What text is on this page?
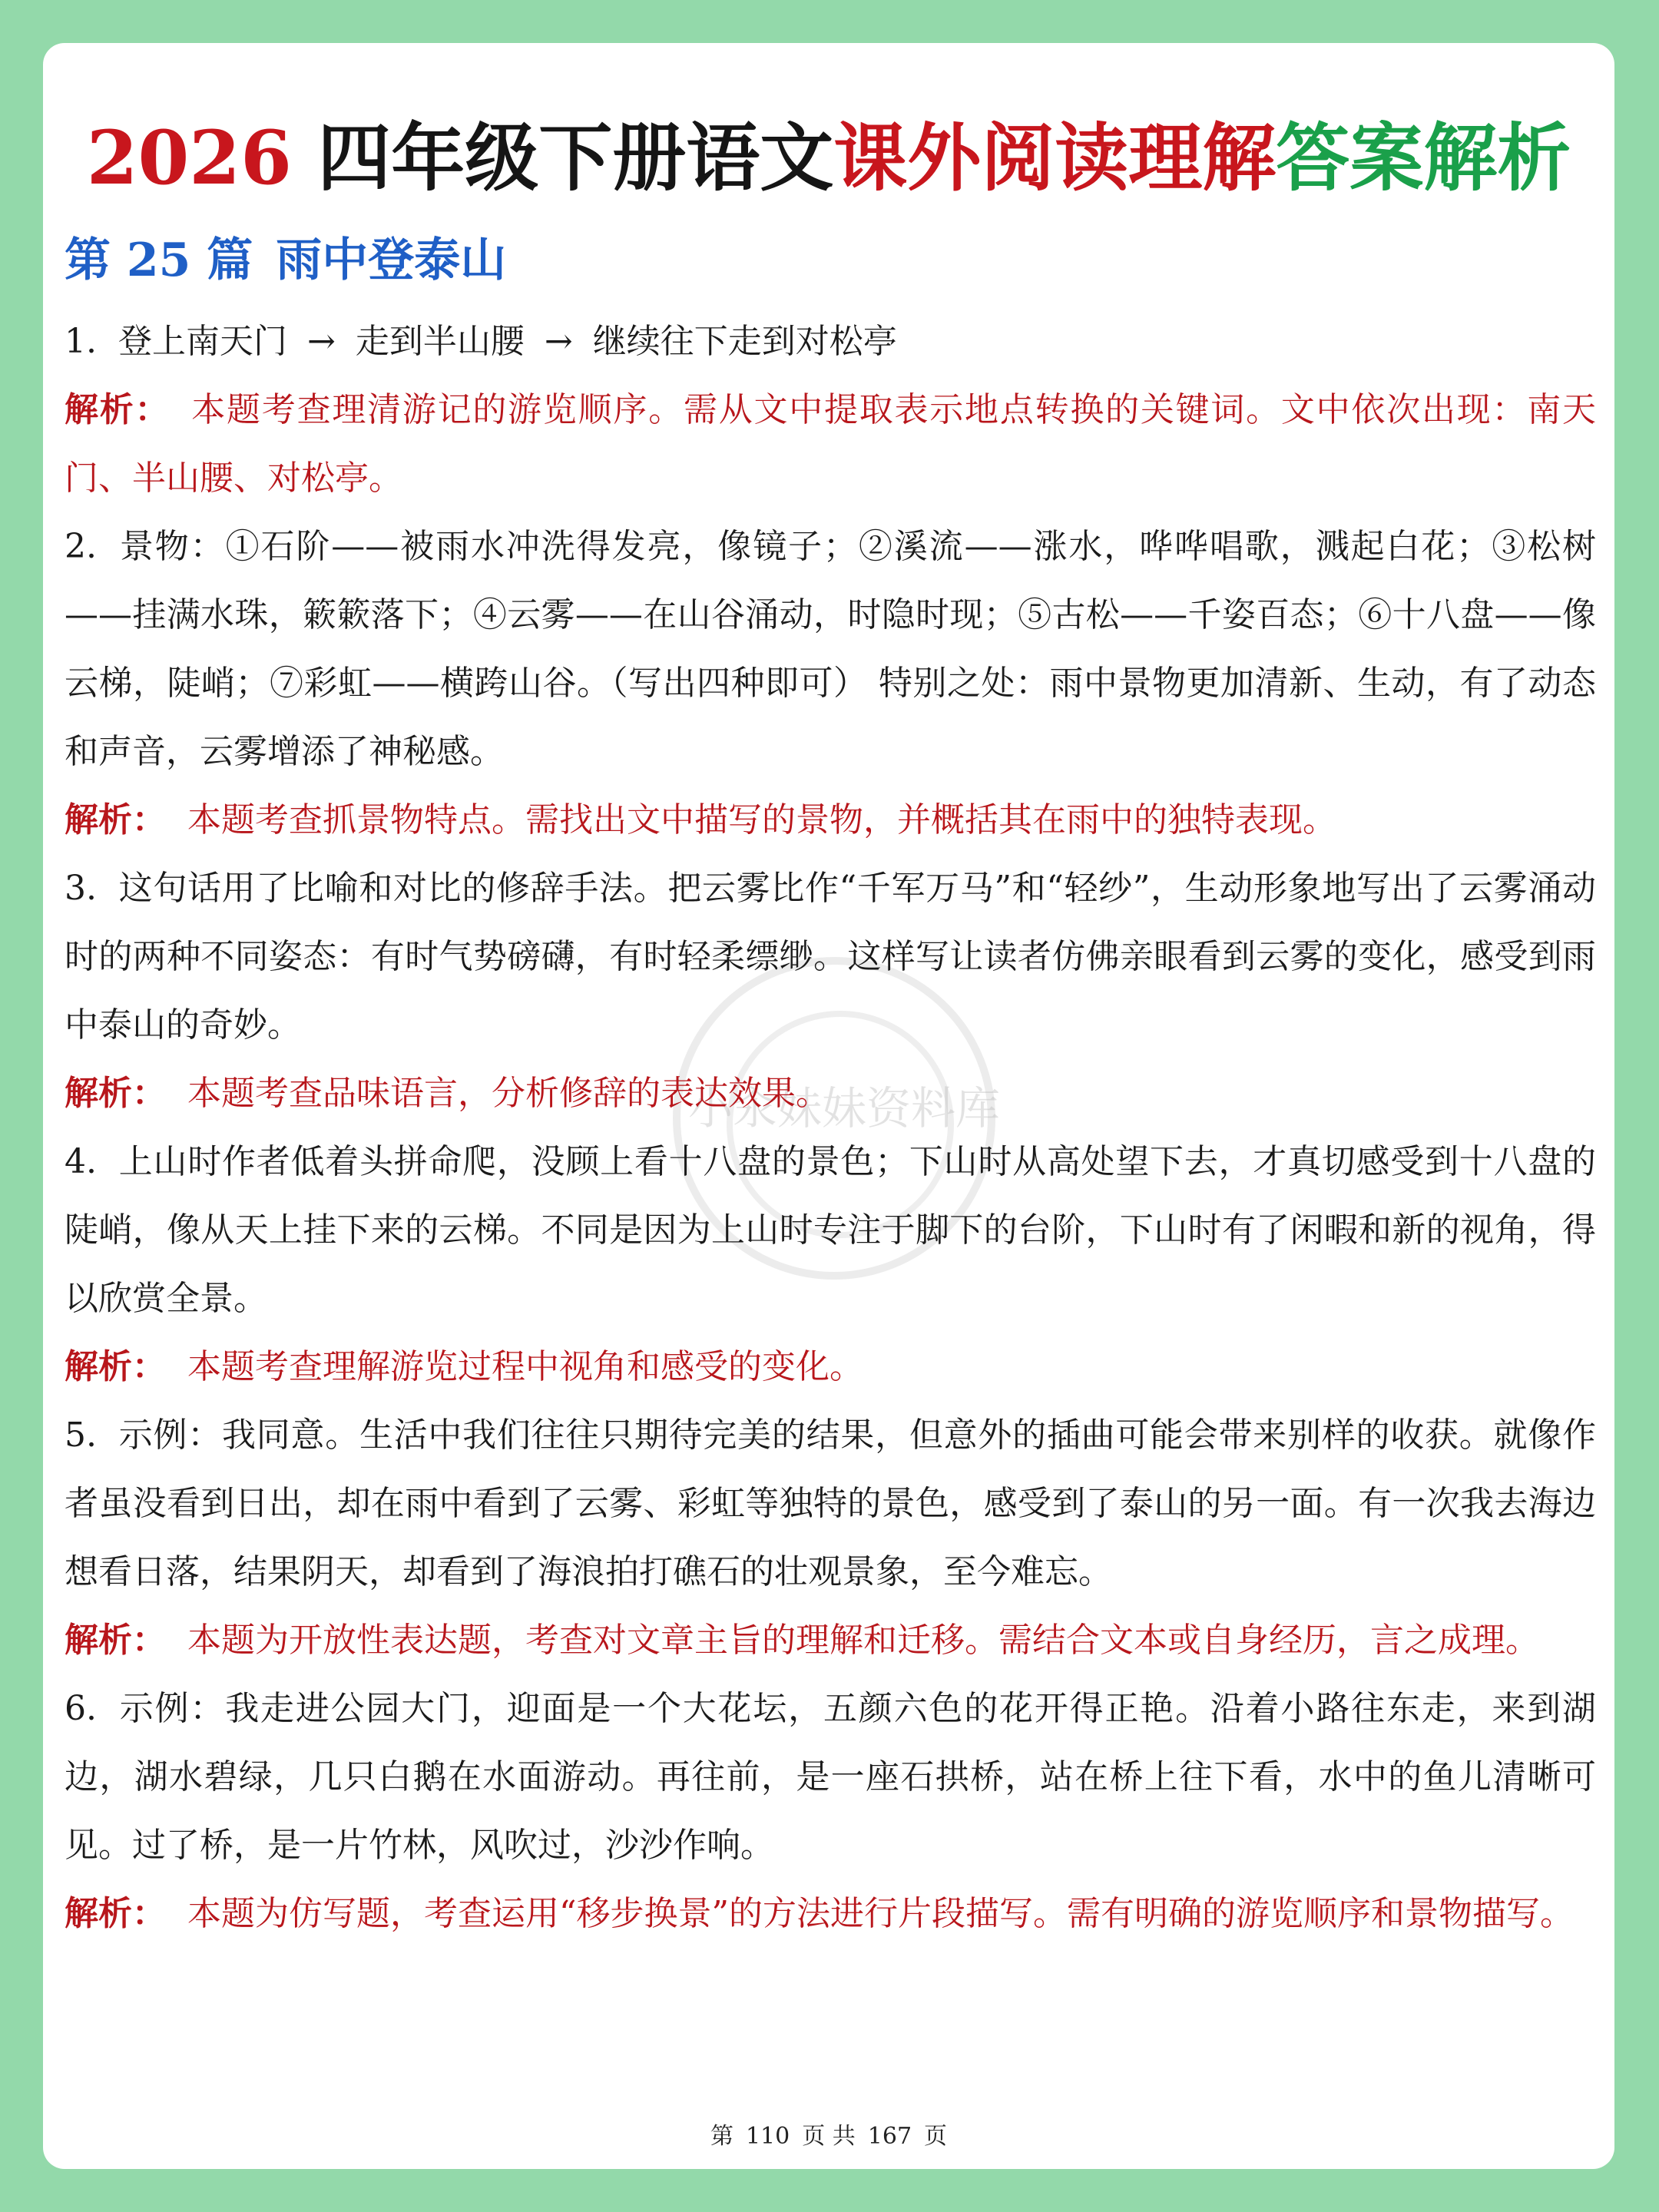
小汆妹妹资料库
2026 四年级下册语文课外阅读理解答案解析
第 25 篇 雨中登泰山

1. 登上南天门 → 走到半山腰 → 继续往下走到对松亭

解析： 本题考查理清游记的游览顺序。需从文中提取表示地点转换的关键词。文中依次出现：南天门、半山腰、对松亭。

2. 景物：①石阶——被雨水冲洗得发亮，像镜子；②溪流——涨水，哗哗唱歌，溅起白花；③松树——挂满水珠，簌簌落下；④云雾——在山谷涌动，时隐时现；⑤古松——千姿百态；⑥十八盘——像云梯，陡峭；⑦彩虹——横跨山谷。（写出四种即可） 特别之处：雨中景物更加清新、生动，有了动态和声音，云雾增添了神秘感。

解析： 本题考查抓景物特点。需找出文中描写的景物，并概括其在雨中的独特表现。

3. 这句话用了比喻和对比的修辞手法。把云雾比作“千军万马”和“轻纱”，生动形象地写出了云雾涌动时的两种不同姿态：有时气势磅礴，有时轻柔缥缈。这样写让读者仿佛亲眼看到云雾的变化，感受到雨中泰山的奇妙。

解析： 本题考查品味语言，分析修辞的表达效果。

4. 上山时作者低着头拼命爬，没顾上看十八盘的景色；下山时从高处望下去，才真切感受到十八盘的陡峭，像从天上挂下来的云梯。不同是因为上山时专注于脚下的台阶，下山时有了闲暇和新的视角，得以欣赏全景。

解析： 本题考查理解游览过程中视角和感受的变化。

5. 示例：我同意。生活中我们往往只期待完美的结果，但意外的插曲可能会带来别样的收获。就像作者虽没看到日出，却在雨中看到了云雾、彩虹等独特的景色，感受到了泰山的另一面。有一次我去海边想看日落，结果阴天，却看到了海浪拍打礁石的壮观景象，至今难忘。

解析： 本题为开放性表达题，考查对文章主旨的理解和迁移。需结合文本或自身经历，言之成理。

6. 示例：我走进公园大门，迎面是一个大花坛，五颜六色的花开得正艳。沿着小路往东走，来到湖边，湖水碧绿，几只白鹅在水面游动。再往前，是一座石拱桥，站在桥上往下看，水中的鱼儿清晰可见。过了桥，是一片竹林，风吹过，沙沙作响。

解析： 本题为仿写题，考查运用“移步换景”的方法进行片段描写。需有明确的游览顺序和景物描写。

第 110 页 共 167 页
